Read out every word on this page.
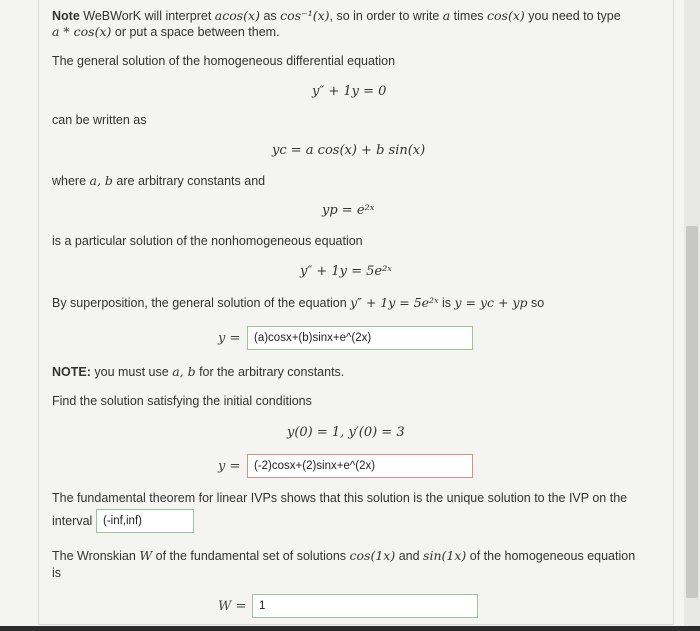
Note WeBWorK will interpret acos(x) as cos⁻¹(x), so in order to write a times cos(x) you need to type
a * cos(x) or put a space between them.
The general solution of the homogeneous differential equation
y″ + 1y = 0
can be written as
yc = a cos(x) + b sin(x)
where a, b are arbitrary constants and
yp = e²ˣ
is a particular solution of the nonhomogeneous equation
y″ + 1y = 5e²ˣ
By superposition, the general solution of the equation y″ + 1y = 5e²ˣ is y = yc + yp so
y =	(a)cosx+(b)sinx+e^(2x)
NOTE: you must use a, b for the arbitrary constants.
Find the solution satisfying the initial conditions
y(0) = 1, y′(0) = 3
y =	(-2)cosx+(2)sinx+e^(2x)
The fundamental theorem for linear IVPs shows that this solution is the unique solution to the IVP on the
interval (-inf,inf)
The Wronskian W of the fundamental set of solutions cos(1x) and sin(1x) of the homogeneous equation
is
W =	1
